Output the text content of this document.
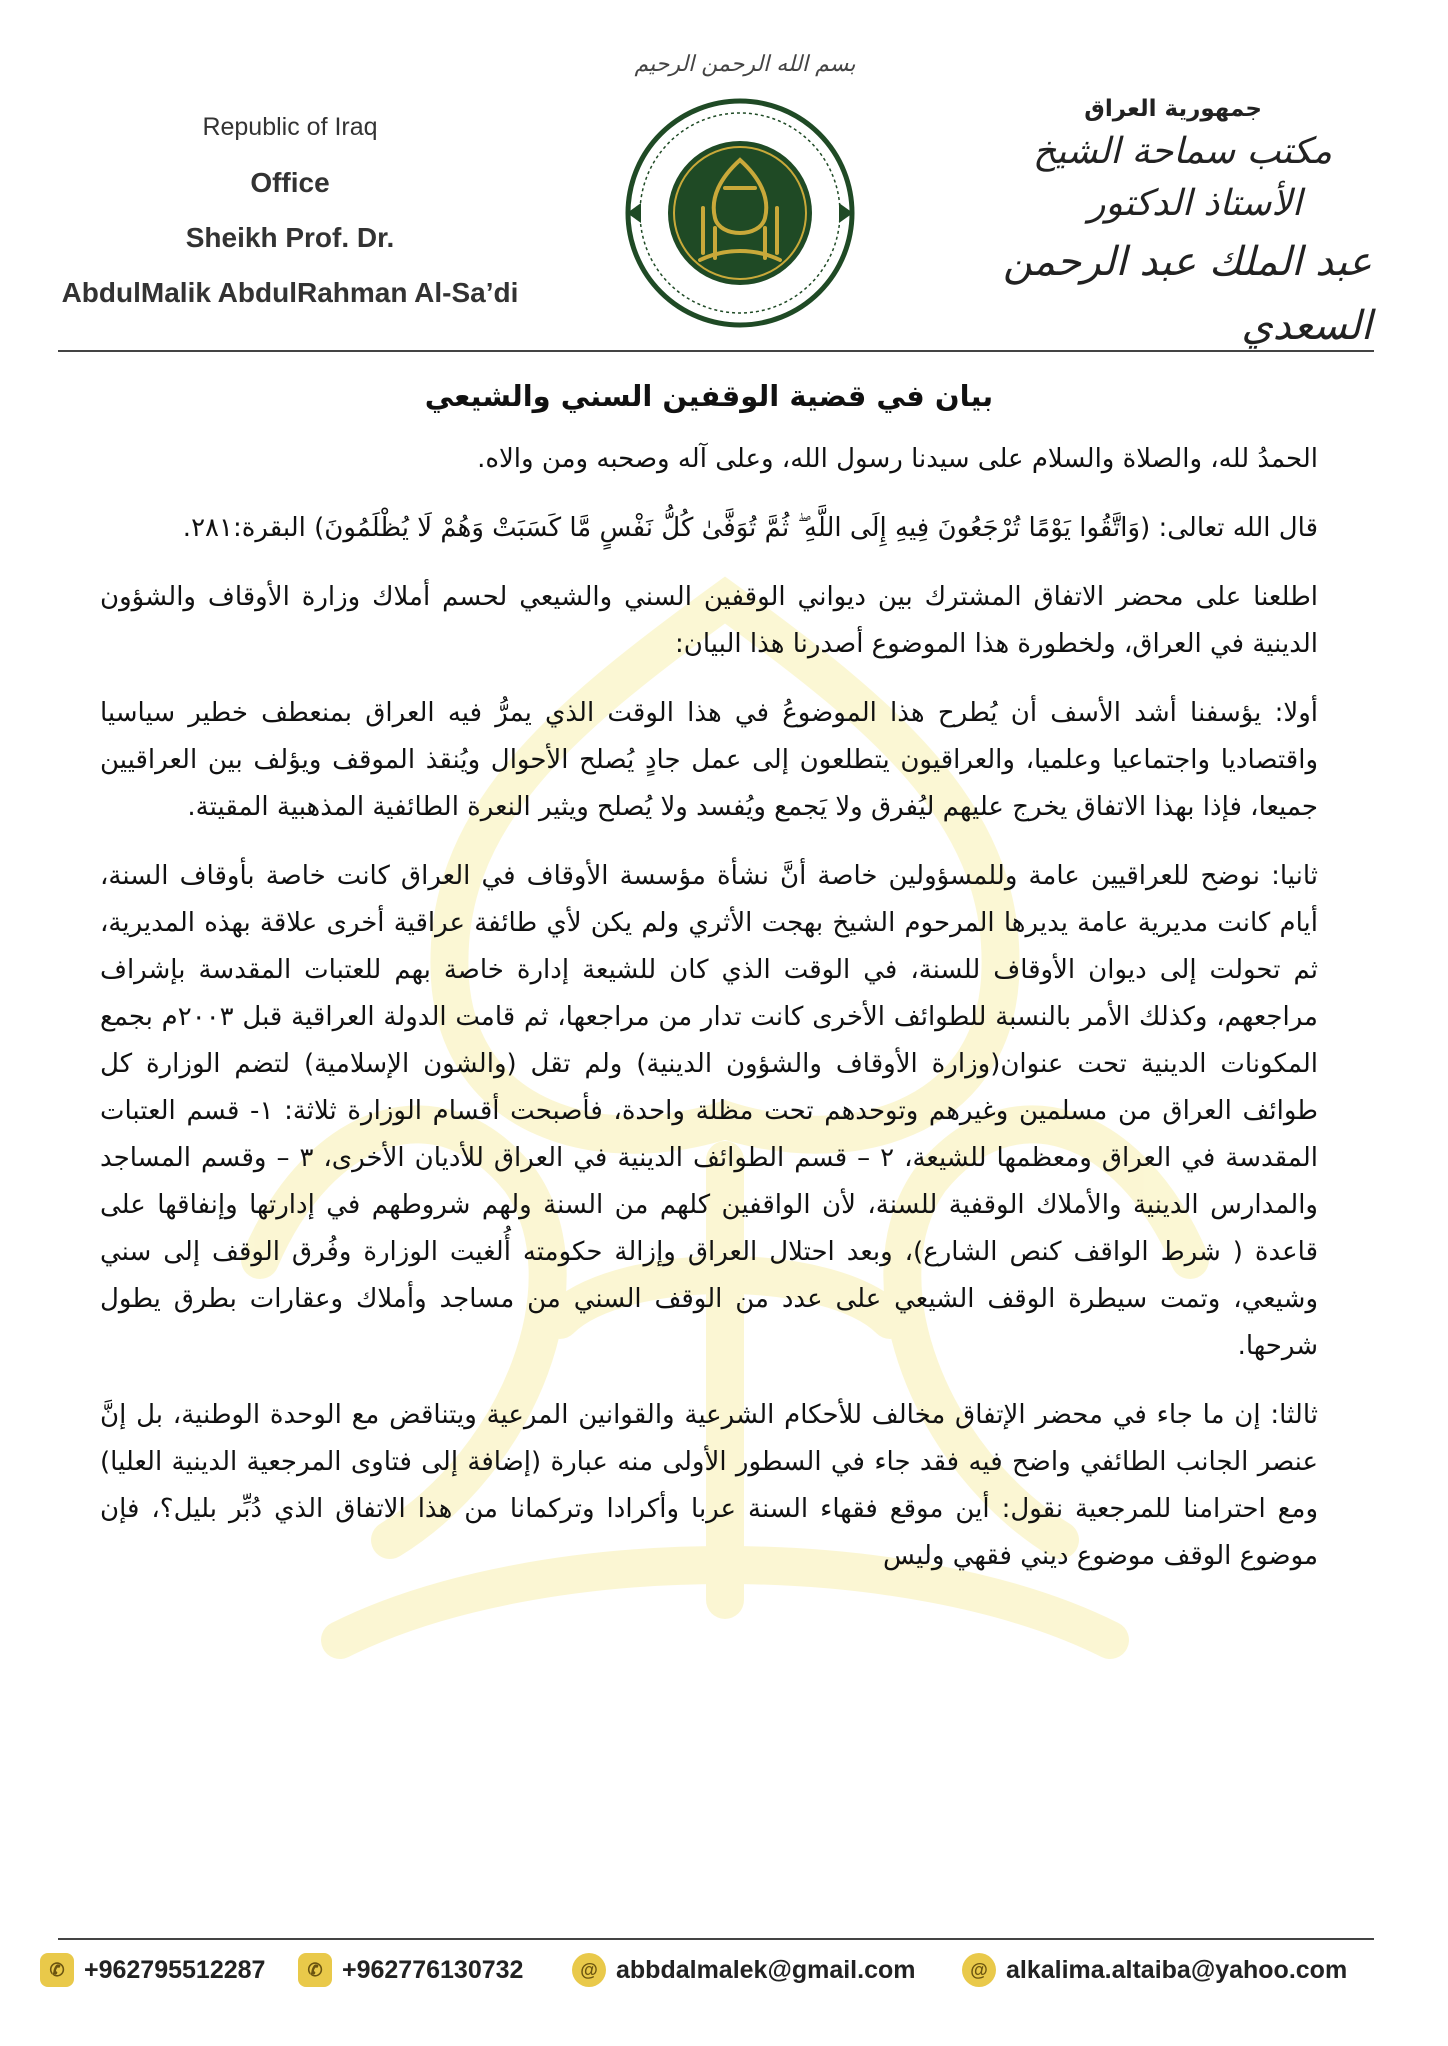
Republic of Iraq
Office
Sheikh Prof. Dr.
AbdulMalik AbdulRahman Al-Sa’di
بسم الله الرحمن الرحيم
جمهورية العراق
مكتب سماحة الشيخ
الأستاذ الدكتور
عبد الملك عبد الرحمن السعدي
بيان في قضية الوقفين السني والشيعي

الحمدُ لله، والصلاة والسلام على سيدنا رسول الله، وعلى آله وصحبه ومن والاه.

قال الله تعالى: (وَاتَّقُوا يَوْمًا تُرْجَعُونَ فِيهِ إِلَى اللَّهِ ۖ ثُمَّ تُوَفَّىٰ كُلُّ نَفْسٍ مَّا كَسَبَتْ وَهُمْ لَا يُظْلَمُونَ) البقرة:٢٨١.

اطلعنا على محضر الاتفاق المشترك بين ديواني الوقفين السني والشيعي لحسم أملاك وزارة الأوقاف والشؤون الدينية في العراق، ولخطورة هذا الموضوع أصدرنا هذا البيان:

أولا: يؤسفنا أشد الأسف أن يُطرح هذا الموضوعُ في هذا الوقت الذي يمرُّ فيه العراق بمنعطف خطير سياسيا واقتصاديا واجتماعيا وعلميا، والعراقيون يتطلعون إلى عمل جادٍ يُصلح الأحوال ويُنقذ الموقف ويؤلف بين العراقيين جميعا، فإذا بهذا الاتفاق يخرج عليهم ليُفرق ولا يَجمع ويُفسد ولا يُصلح ويثير النعرة الطائفية المذهبية المقيتة.

ثانيا: نوضح للعراقيين عامة وللمسؤولين خاصة أنَّ نشأة مؤسسة الأوقاف في العراق كانت خاصة بأوقاف السنة، أيام كانت مديرية عامة يديرها المرحوم الشيخ بهجت الأثري ولم يكن لأي طائفة عراقية أخرى علاقة بهذه المديرية، ثم تحولت إلى ديوان الأوقاف للسنة، في الوقت الذي كان للشيعة إدارة خاصة بهم للعتبات المقدسة بإشراف مراجعهم، وكذلك الأمر بالنسبة للطوائف الأخرى كانت تدار من مراجعها، ثم قامت الدولة العراقية قبل ٢٠٠٣م بجمع المكونات الدينية تحت عنوان(وزارة الأوقاف والشؤون الدينية) ولم تقل (والشون الإسلامية) لتضم الوزارة كل طوائف العراق من مسلمين وغيرهم وتوحدهم تحت مظلة واحدة، فأصبحت أقسام الوزارة ثلاثة: ١- قسم العتبات المقدسة في العراق ومعظمها للشيعة، ٢ – قسم الطوائف الدينية في العراق للأديان الأخرى، ٣ – وقسم المساجد والمدارس الدينية والأملاك الوقفية للسنة، لأن الواقفين كلهم من السنة ولهم شروطهم في إدارتها وإنفاقها على قاعدة ( شرط الواقف كنص الشارع)، وبعد احتلال العراق وإزالة حكومته أُلغيت الوزارة وفُرق الوقف إلى سني وشيعي، وتمت سيطرة الوقف الشيعي على عدد من الوقف السني من مساجد وأملاك وعقارات بطرق يطول شرحها.

ثالثا: إن ما جاء في محضر الإتفاق مخالف للأحكام الشرعية والقوانين المرعية ويتناقض مع الوحدة الوطنية، بل إنَّ عنصر الجانب الطائفي واضح فيه فقد جاء في السطور الأولى منه عبارة (إضافة إلى فتاوى المرجعية الدينية العليا) ومع احترامنا للمرجعية نقول: أين موقع فقهاء السنة عربا وأكرادا وتركمانا من هذا الاتفاق الذي دُبِّر بليل؟، فإن موضوع الوقف موضوع ديني فقهي وليس

✆ +962795512287	✆ +962776130732	@ abbdalmalek@gmail.com	@ alkalima.altaiba@yahoo.com
